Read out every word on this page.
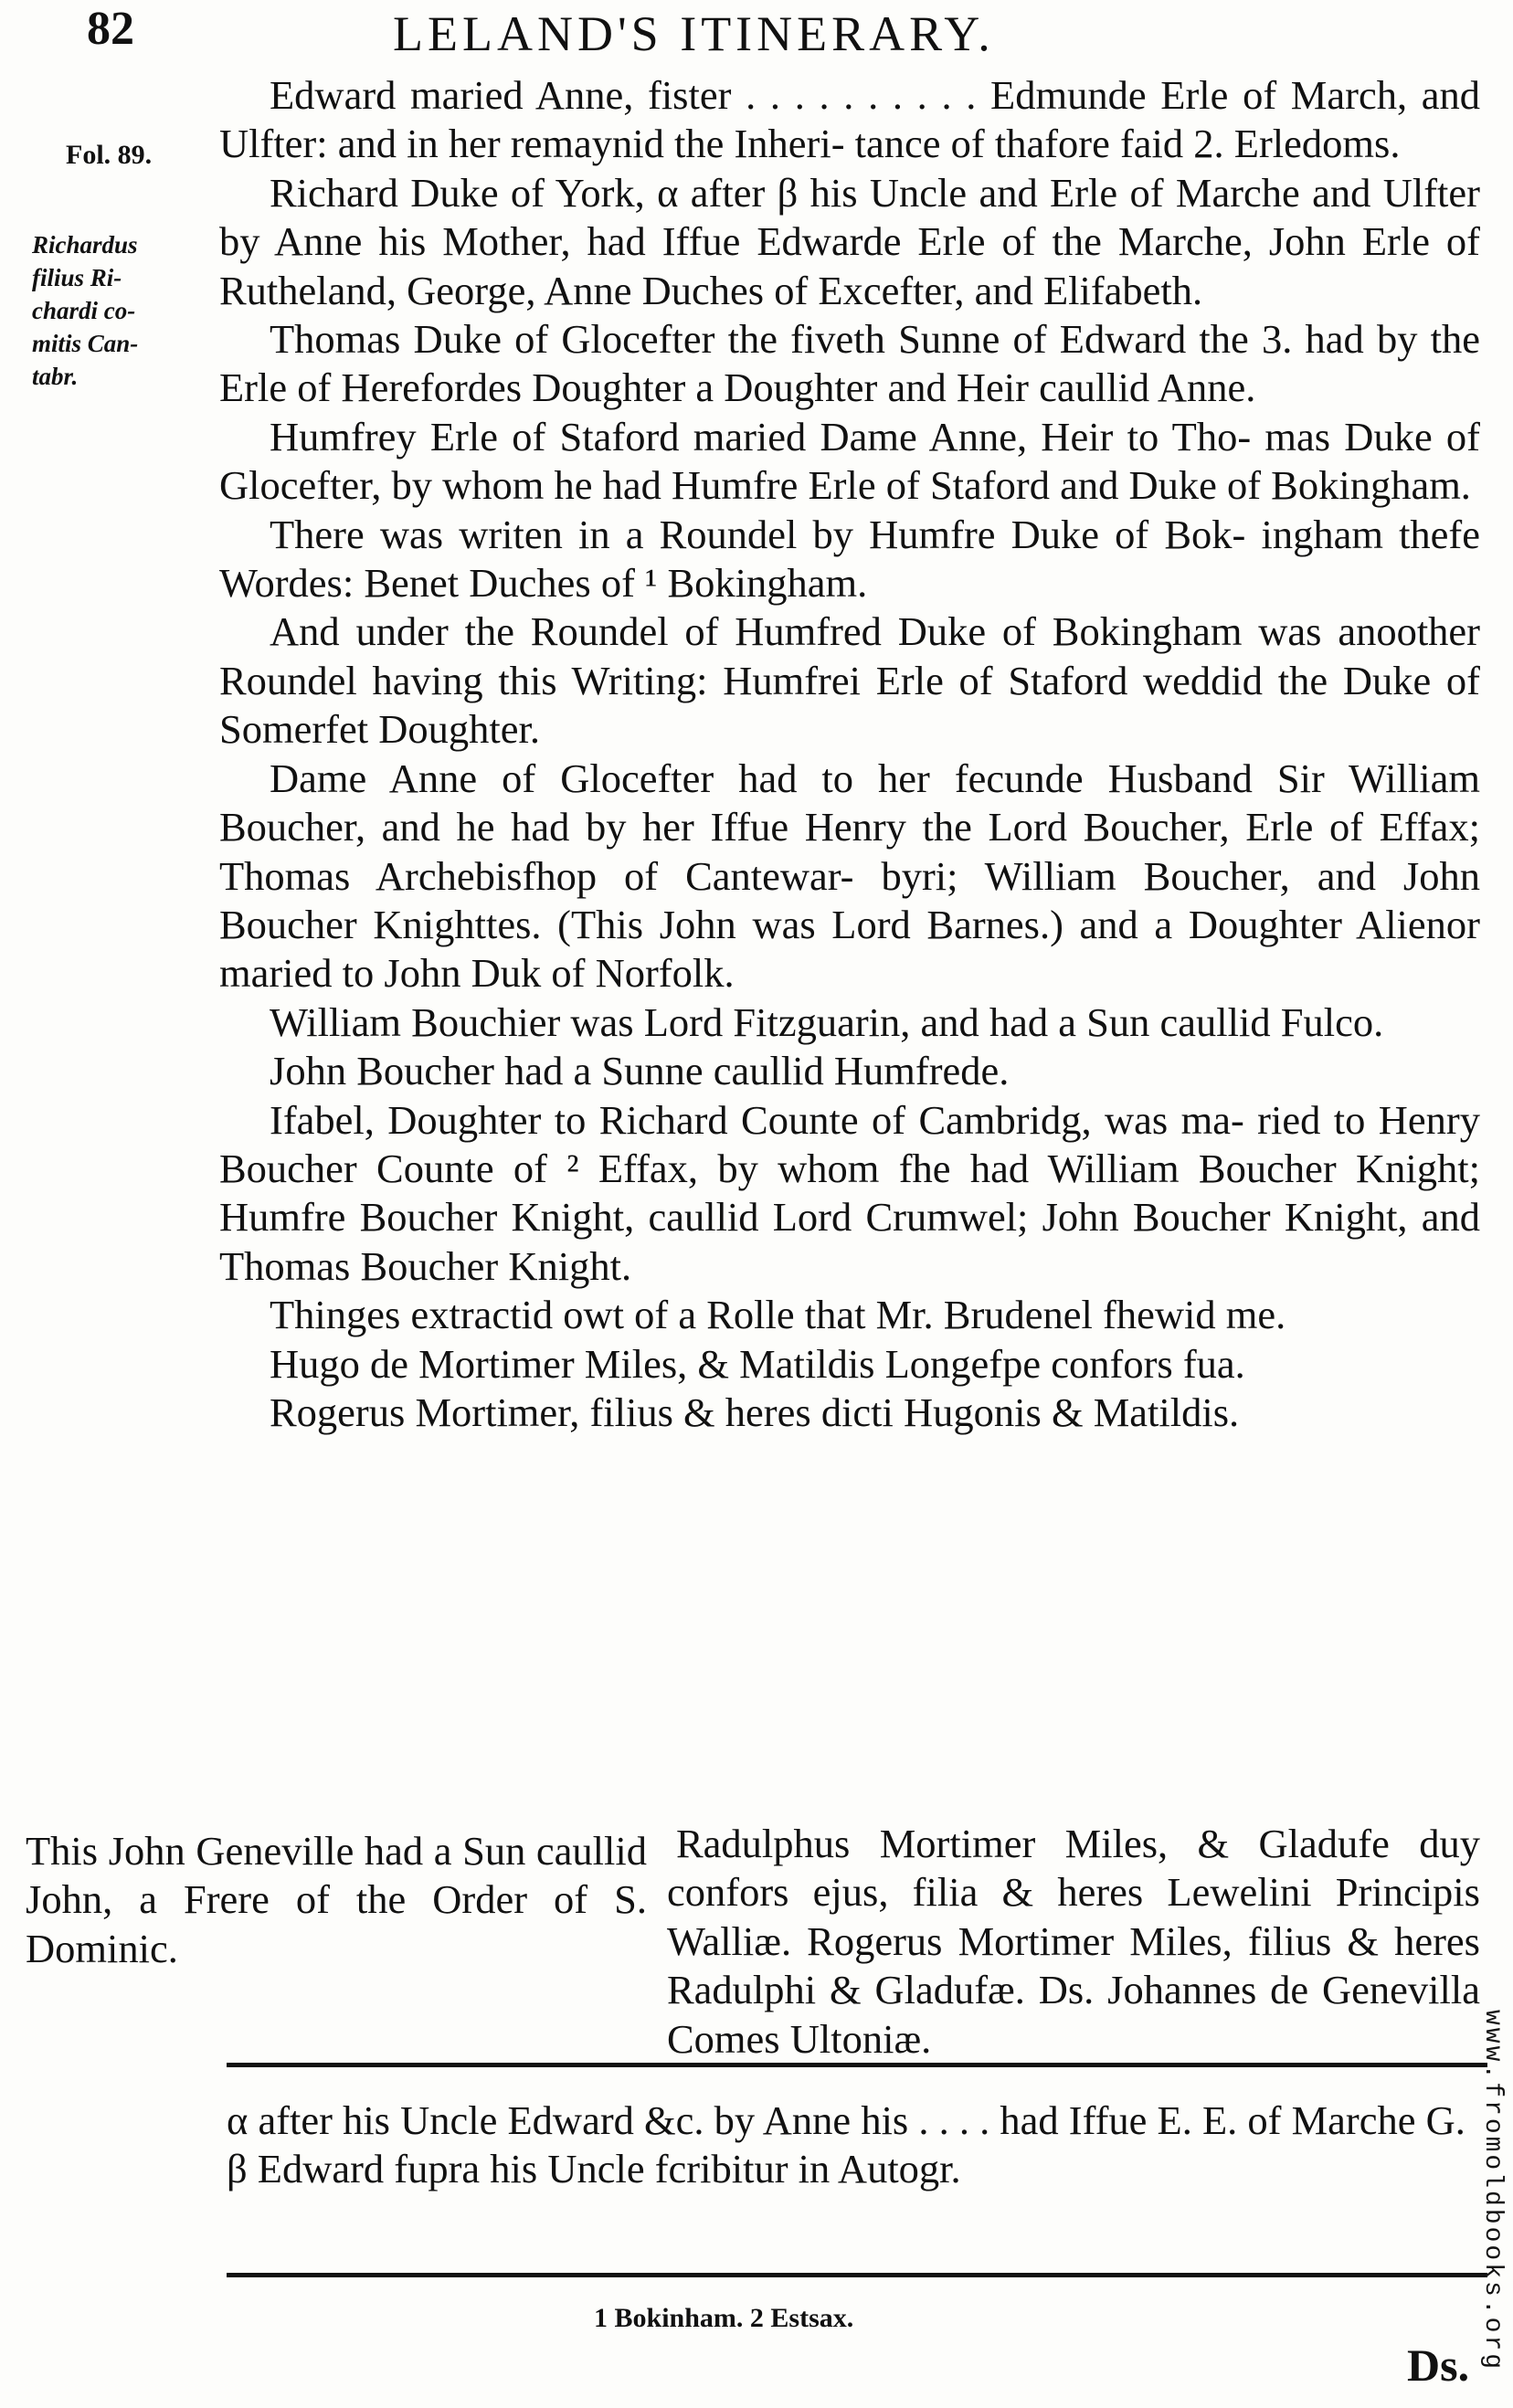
82	LELAND'S ITINERARY.
Fol. 89.
Richardus
filius Ri-
chardi co-
mitis Can-
tabr.

Edward maried Anne, fister . . . . . . . . . . Edmunde Erle of March, and Ulfter: and in her remaynid the Inheri- tance of thafore faid 2. Erledoms.

Richard Duke of York, α after β his Uncle and Erle of Marche and Ulfter by Anne his Mother, had Iffue Edwarde Erle of the Marche, John Erle of Rutheland, George, Anne Duches of Excefter, and Elifabeth.

Thomas Duke of Glocefter the fiveth Sunne of Edward the 3. had by the Erle of Herefordes Doughter a Doughter and Heir caullid Anne.

Humfrey Erle of Staford maried Dame Anne, Heir to Tho- mas Duke of Glocefter, by whom he had Humfre Erle of Staford and Duke of Bokingham.

There was writen in a Roundel by Humfre Duke of Bok- ingham thefe Wordes: Benet Duches of ¹ Bokingham.

And under the Roundel of Humfred Duke of Bokingham was anoother Roundel having this Writing: Humfrei Erle of Staford weddid the Duke of Somerfet Doughter.

Dame Anne of Glocefter had to her fecunde Husband Sir William Boucher, and he had by her Iffue Henry the Lord Boucher, Erle of Effax; Thomas Archebisfhop of Cantewar- byri; William Boucher, and John Boucher Knighttes. (This John was Lord Barnes.) and a Doughter Alienor maried to John Duk of Norfolk.

William Bouchier was Lord Fitzguarin, and had a Sun caullid Fulco.

John Boucher had a Sunne caullid Humfrede.

Ifabel, Doughter to Richard Counte of Cambridg, was ma- ried to Henry Boucher Counte of ² Effax, by whom fhe had William Boucher Knight; Humfre Boucher Knight, caullid Lord Crumwel; John Boucher Knight, and Thomas Boucher Knight.

Thinges extractid owt of a Rolle that Mr. Brudenel fhewid me.

Hugo de Mortimer Miles, & Matildis Longefpe confors fua.

Rogerus Mortimer, filius & heres dicti Hugonis & Matildis.

This John Geneville had a Sun caullid John, a Frere of the Order of S. Dominic.
Radulphus Mortimer Miles, & Gladufe duy confors ejus, filia & heres Lewelini Principis Walliæ. Rogerus Mortimer Miles, filius & heres Radulphi & Gladufæ. Ds. Johannes de Genevilla Comes Ultoniæ.
α after his Uncle Edward &c. by Anne his . . . . had Iffue E. E. of Marche G. β Edward fupra his Uncle fcribitur in Autogr.
1 Bokinham. 2 Estsax.
Ds. www.fromoldbooks.org
